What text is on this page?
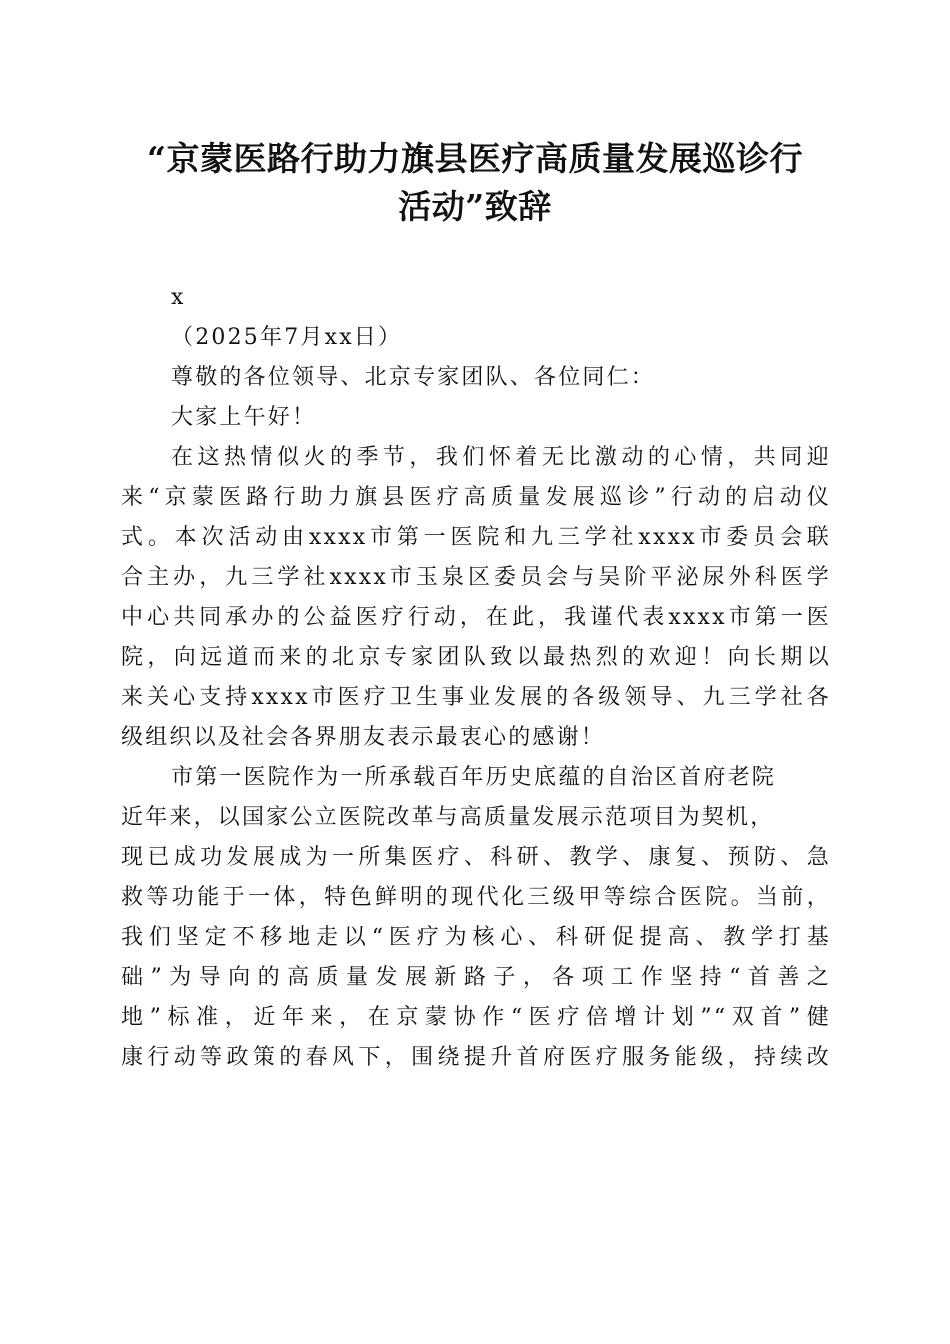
“京蒙医路行助力旗县医疗高质量发展巡诊行
活动”致辞
x
（2025年7月xx日）
尊敬的各位领导、北京专家团队、各位同仁：
大家上午好！
在这热情似火的季节，我们怀着无比激动的心情，共同迎
来“京蒙医路行助力旗县医疗高质量发展巡诊”行动的启动仪
式。本次活动由xxxx市第一医院和九三学社xxxx市委员会联
合主办，九三学社xxxx市玉泉区委员会与吴阶平泌尿外科医学
中心共同承办的公益医疗行动，在此，我谨代表xxxx市第一医
院，向远道而来的北京专家团队致以最热烈的欢迎！向长期以
来关心支持xxxx市医疗卫生事业发展的各级领导、九三学社各
级组织以及社会各界朋友表示最衷心的感谢！
市第一医院作为一所承载百年历史底蕴的自治区首府老院
近年来，以国家公立医院改革与高质量发展示范项目为契机，
现已成功发展成为一所集医疗、科研、教学、康复、预防、急
救等功能于一体，特色鲜明的现代化三级甲等综合医院。当前，
我们坚定不移地走以“医疗为核心、科研促提高、教学打基
础”为导向的高质量发展新路子，各项工作坚持“首善之
地”标准，近年来，在京蒙协作“医疗倍增计划”“双首”健
康行动等政策的春风下，围绕提升首府医疗服务能级，持续改
